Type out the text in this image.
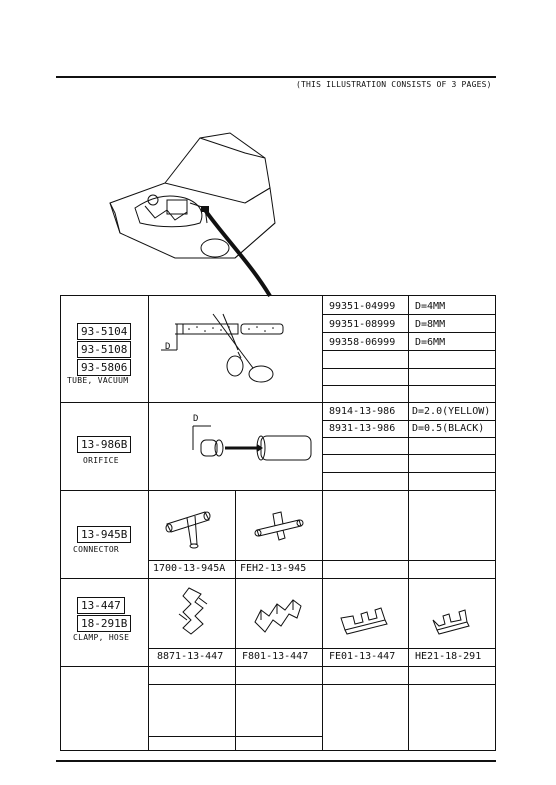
(THIS ILLUSTRATION CONSISTS OF 3 PAGES)
93-5104
93-5108
93-5806
TUBE, VACUUM
D
99351-04999 D=4MM
99351-08999 D=8MM
99358-06999 D=6MM
13-986B
ORIFICE
D
8914-13-986 D=2.0(YELLOW)
8931-13-986 D=0.5(BLACK)
13-945B
CONNECTOR
1700-13-945A FEH2-13-945
13-447
18-291B
CLAMP, HOSE
8871-13-447 F801-13-447 FE01-13-447 HE21-18-291
